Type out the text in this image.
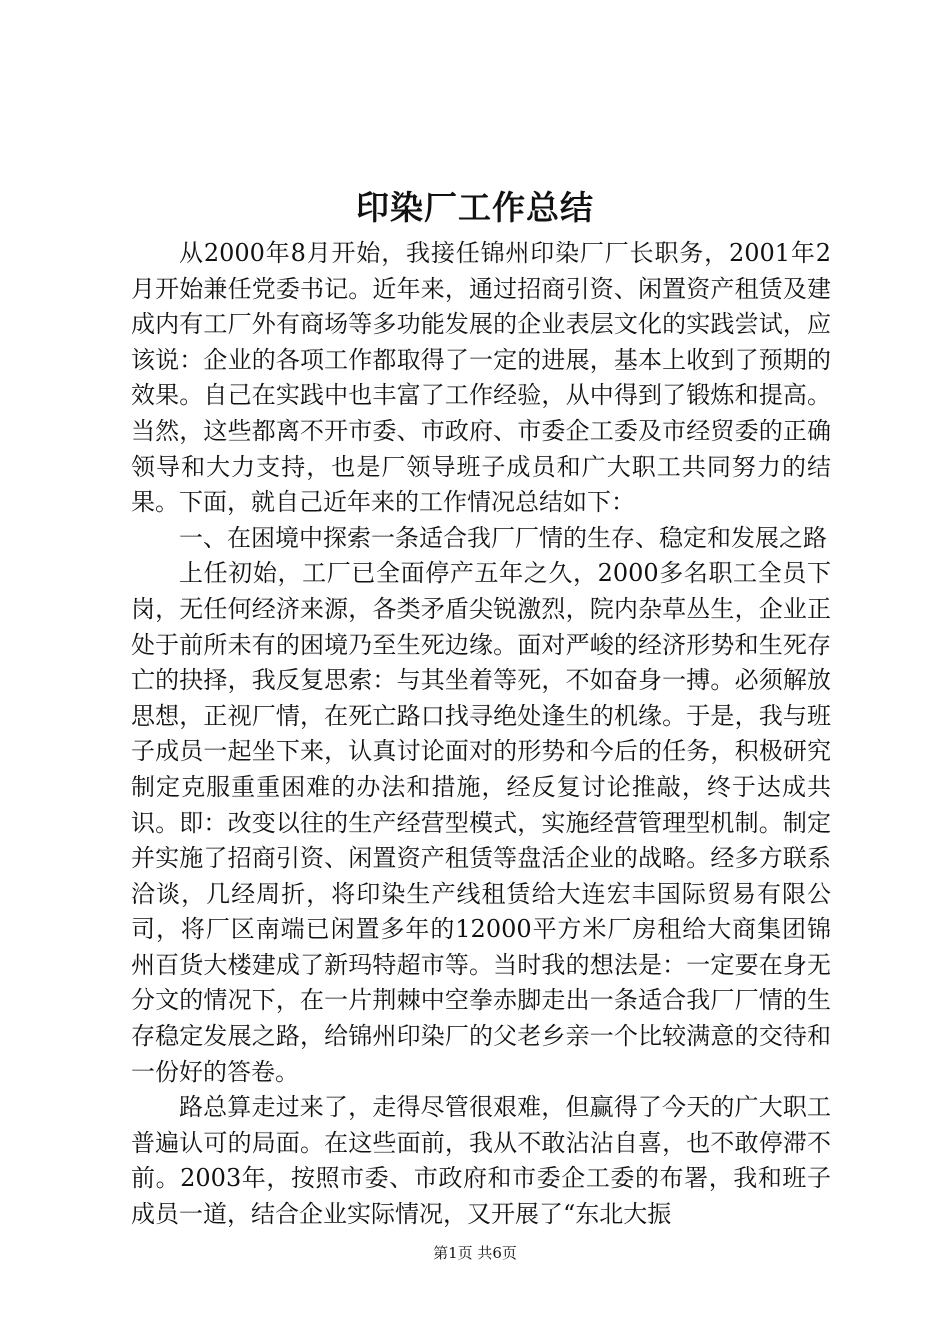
印染厂工作总结

从2000年8月开始，我接任锦州印染厂厂长职务，2001年2月开始兼任党委书记。近年来，通过招商引资、闲置资产租赁及建成内有工厂外有商场等多功能发展的企业表层文化的实践尝试，应该说：企业的各项工作都取得了一定的进展，基本上收到了预期的效果。自己在实践中也丰富了工作经验，从中得到了锻炼和提高。当然，这些都离不开市委、市政府、市委企工委及市经贸委的正确领导和大力支持，也是厂领导班子成员和广大职工共同努力的结果。下面，就自己近年来的工作情况总结如下：

一、在困境中探索一条适合我厂厂情的生存、稳定和发展之路

上任初始，工厂已全面停产五年之久，2000多名职工全员下岗，无任何经济来源，各类矛盾尖锐激烈，院内杂草丛生，企业正处于前所未有的困境乃至生死边缘。面对严峻的经济形势和生死存亡的抉择，我反复思索：与其坐着等死，不如奋身一搏。必须解放思想，正视厂情，在死亡路口找寻绝处逢生的机缘。于是，我与班子成员一起坐下来，认真讨论面对的形势和今后的任务，积极研究制定克服重重困难的办法和措施，经反复讨论推敲，终于达成共识。即：改变以往的生产经营型模式，实施经营管理型机制。制定并实施了招商引资、闲置资产租赁等盘活企业的战略。经多方联系洽谈，几经周折，将印染生产线租赁给大连宏丰国际贸易有限公司，将厂区南端已闲置多年的12000平方米厂房租给大商集团锦州百货大楼建成了新玛特超市等。当时我的想法是：一定要在身无分文的情况下，在一片荆棘中空拳赤脚走出一条适合我厂厂情的生存稳定发展之路，给锦州印染厂的父老乡亲一个比较满意的交待和一份好的答卷。

路总算走过来了，走得尽管很艰难，但赢得了今天的广大职工普遍认可的局面。在这些面前，我从不敢沾沾自喜，也不敢停滞不前。2003年，按照市委、市政府和市委企工委的布署，我和班子成员一道，结合企业实际情况，又开展了“东北大振

第1页 共6页
